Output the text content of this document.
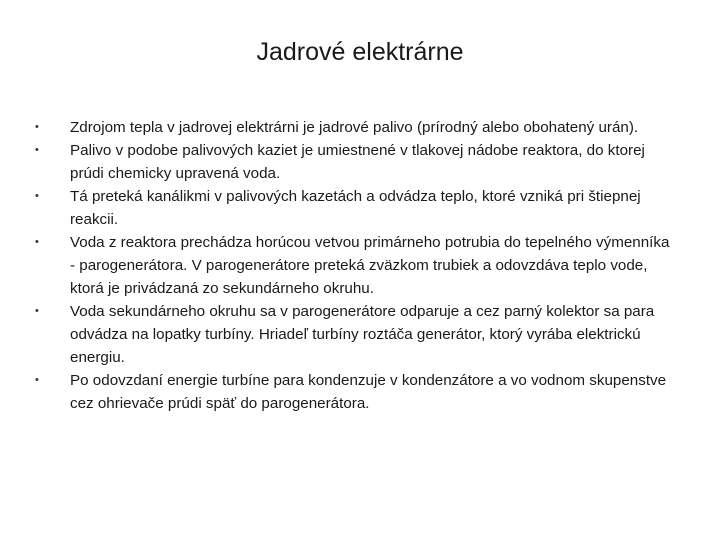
Jadrové elektrárne
•	Zdrojom tepla v jadrovej elektrárni je jadrové palivo (prírodný alebo obohatený urán).
•	Palivo v podobe palivových kaziet je umiestnené v tlakovej nádobe reaktora, do ktorej prúdi chemicky upravená voda.
•	Tá preteká kanálikmi v palivových kazetách a odvádza teplo, ktoré vzniká pri štiepnej reakcii.
•	Voda z reaktora prechádza horúcou vetvou primárneho potrubia do tepelného výmenníka - parogenerátora. V parogenerátore preteká zväzkom trubiek a odovzdáva teplo vode, ktorá je privádzaná zo sekundárneho okruhu.
•	Voda sekundárneho okruhu sa v parogenerátore odparuje a cez parný kolektor sa para odvádza na lopatky turbíny. Hriadeľ turbíny roztáča generátor, ktorý vyrába elektrickú energiu.
•	Po odovzdaní energie turbíne para kondenzuje v kondenzátore a vo vodnom skupenstve cez ohrievače prúdi späť do parogenerátora.
